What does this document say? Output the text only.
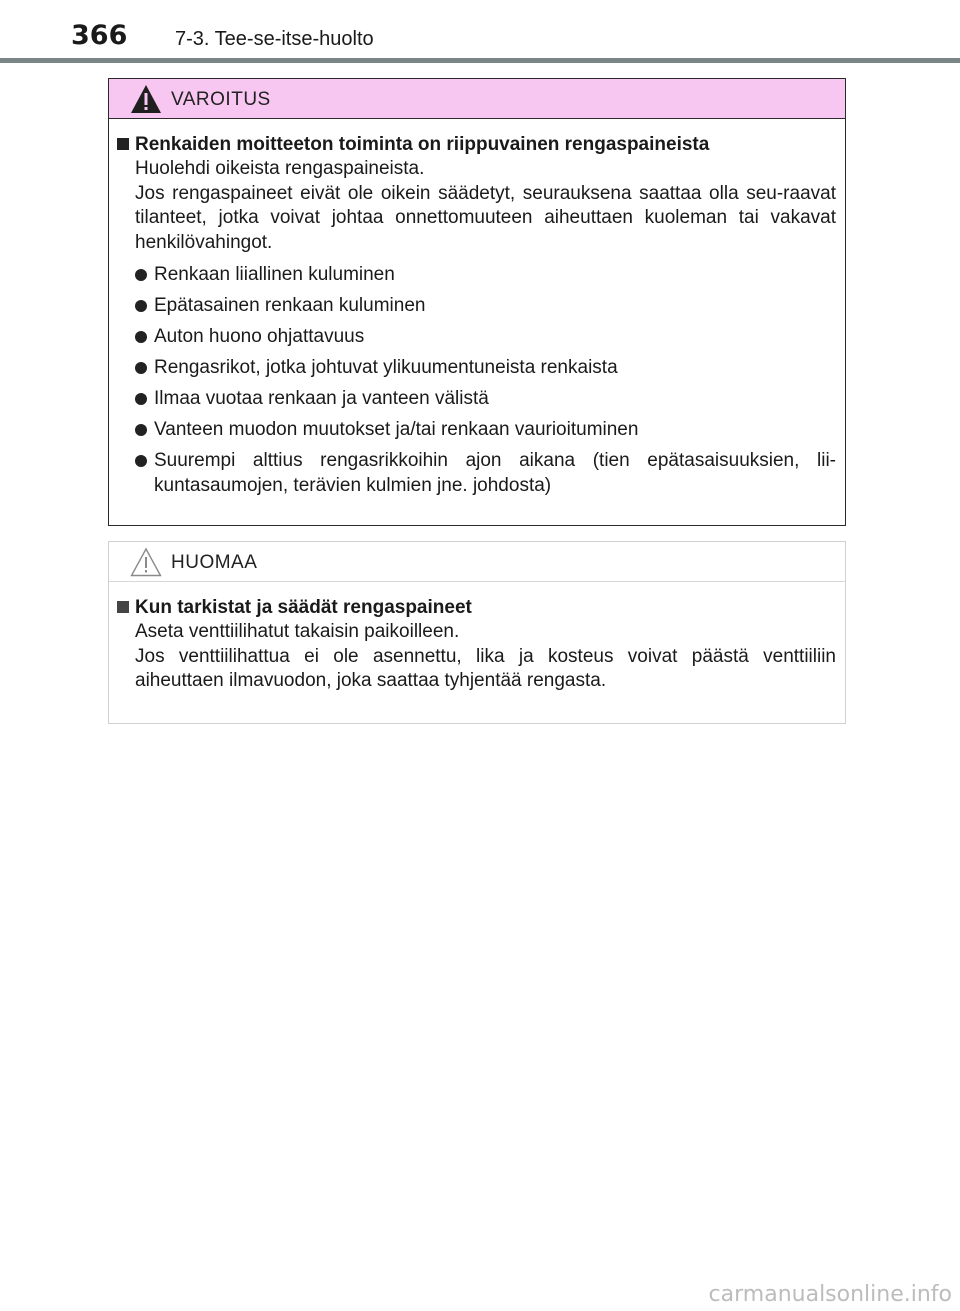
366 7-3. Tee-se-itse-huolto
VAROITUS
Renkaiden moitteeton toiminta on riippuvainen rengaspaineista
Huolehdi oikeista rengaspaineista.
Jos rengaspaineet eivät ole oikein säädetyt, seurauksena saattaa olla seu-raavat tilanteet, jotka voivat johtaa onnettomuuteen aiheuttaen kuoleman tai vakavat henkilövahingot.
Renkaan liiallinen kuluminen
Epätasainen renkaan kuluminen
Auton huono ohjattavuus
Rengasrikot, jotka johtuvat ylikuumentuneista renkaista
Ilmaa vuotaa renkaan ja vanteen välistä
Vanteen muodon muutokset ja/tai renkaan vaurioituminen
Suurempi alttius rengasrikkoihin ajon aikana (tien epätasaisuuksien, lii-kuntasaumojen, terävien kulmien jne. johdosta)
HUOMAA
Kun tarkistat ja säädät rengaspaineet
Aseta venttiilihatut takaisin paikoilleen.
Jos venttiilihattua ei ole asennettu, lika ja kosteus voivat päästä venttiiliin aiheuttaen ilmavuodon, joka saattaa tyhjentää rengasta.
carmanualsonline.info
